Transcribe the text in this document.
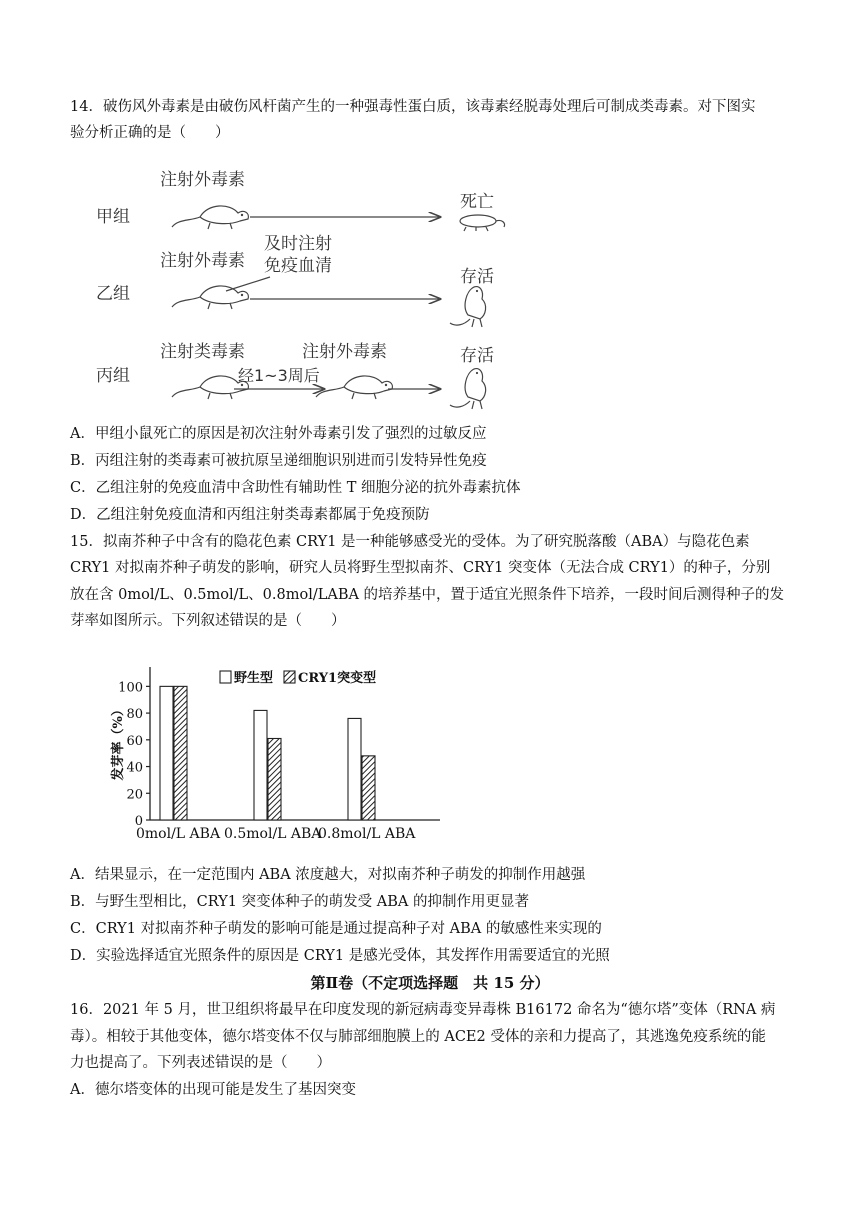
14．破伤风外毒素是由破伤风杆菌产生的一种强毒性蛋白质，该毒素经脱毒处理后可制成类毒素。对下图实
验分析正确的是（　　）
甲组
注射外毒素
死亡
乙组
注射外毒素
及时注射
免疫血清
存活
丙组
注射类毒素
经1~3周后
注射外毒素	存活
A．甲组小鼠死亡的原因是初次注射外毒素引发了强烈的过敏反应
B．丙组注射的类毒素可被抗原呈递细胞识别进而引发特异性免疫
C．乙组注射的免疫血清中含助性有辅助性 T 细胞分泌的抗外毒素抗体
D．乙组注射免疫血清和丙组注射类毒素都属于免疫预防
15．拟南芥种子中含有的隐花色素 CRY1 是一种能够感受光的受体。为了研究脱落酸（ABA）与隐花色素
CRY1 对拟南芥种子萌发的影响，研究人员将野生型拟南芥、CRY1 突变体（无法合成 CRY1）的种子，分别
放在含 0mol/L、0.5mol/L、0.8mol/LABA 的培养基中，置于适宜光照条件下培养，一段时间后测得种子的发
芽率如图所示。下列叙述错误的是（　　）
0
20
40
60
80
100
0mol/L ABA 0.5mol/L ABA
0.8mol/L ABA
野生型 CRY1突变型
发芽率（%）
A．结果显示，在一定范围内 ABA 浓度越大，对拟南芥种子萌发的抑制作用越强
B．与野生型相比，CRY1 突变体种子的萌发受 ABA 的抑制作用更显著
C．CRY1 对拟南芥种子萌发的影响可能是通过提高种子对 ABA 的敏感性来实现的
D．实验选择适宜光照条件的原因是 CRY1 是感光受体，其发挥作用需要适宜的光照
第Ⅱ卷（不定项选择题　共 15 分）
16．2021 年 5 月，世卫组织将最早在印度发现的新冠病毒变异毒株 B16172 命名为“德尔塔”变体（RNA 病
毒）。相较于其他变体，德尔塔变体不仅与肺部细胞膜上的 ACE2 受体的亲和力提高了，其逃逸免疫系统的能
力也提高了。下列表述错误的是（　　）
A．德尔塔变体的出现可能是发生了基因突变
